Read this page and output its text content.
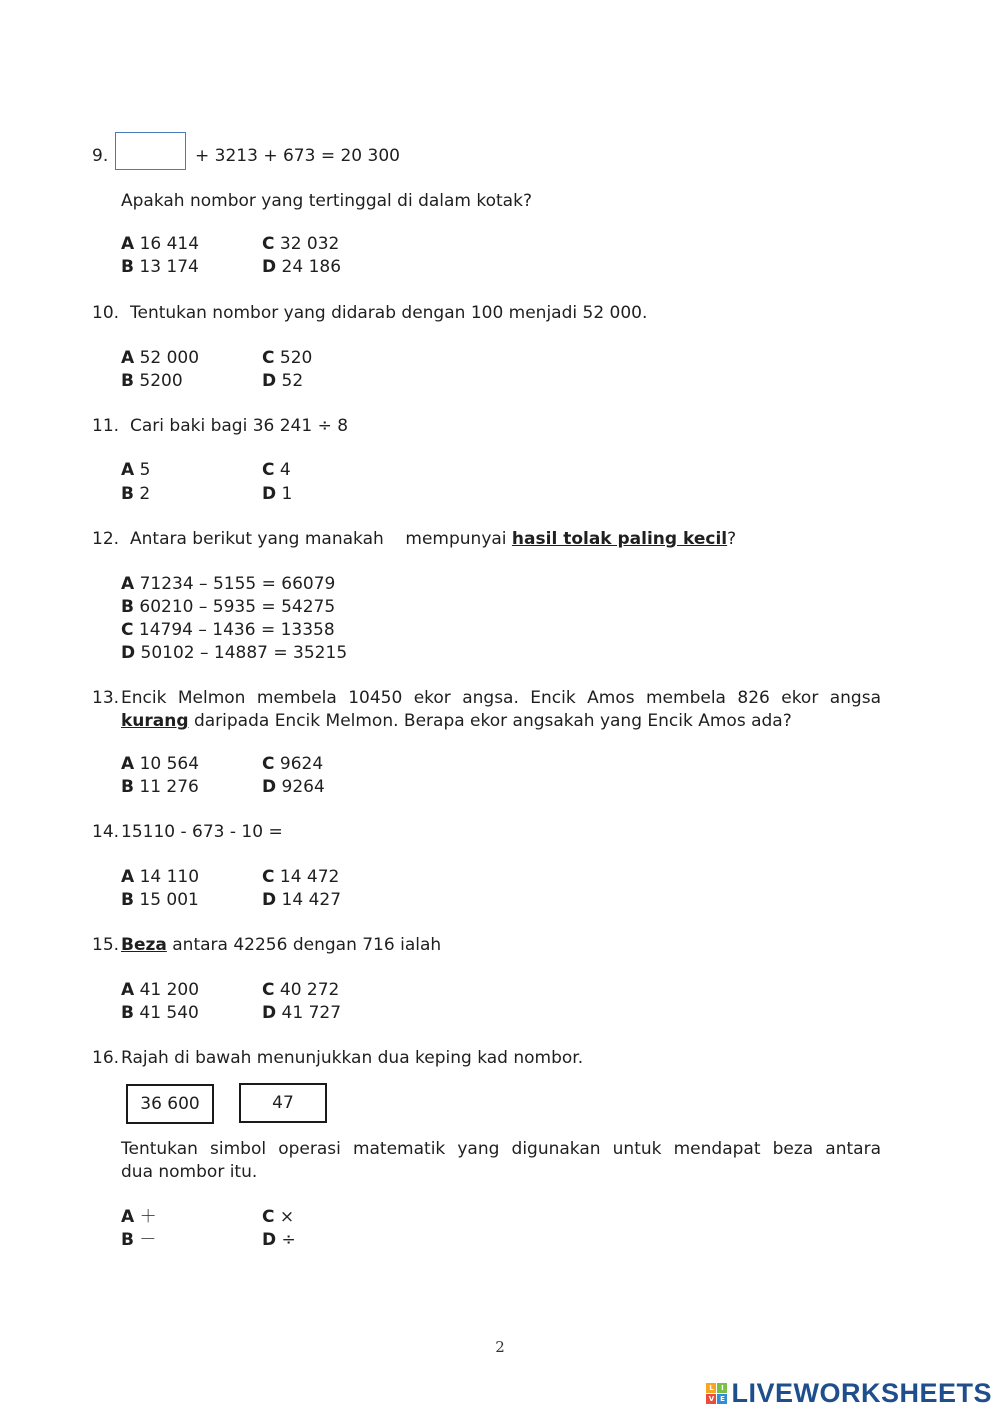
9.	+ 3213 + 673 = 20 300
Apakah nombor yang tertinggal di dalam kotak?
A 16 414	C 32 032
B 13 174	D 24 186
10. Tentukan nombor yang didarab dengan 100 menjadi 52 000.
A 52 000	C 520
B 5200	D 52
11. Cari baki bagi 36 241 ÷ 8
A 5	C 4
B 2	D 1
12. Antara berikut yang manakah    mempunyai hasil tolak paling kecil?
A 71234 – 5155 = 66079
B 60210 – 5935 = 54275
C 14794 – 1436 = 13358
D 50102 – 14887 = 35215
13. Encik Melmon membela 10450 ekor angsa. Encik Amos membela 826 ekor angsa
kurang daripada Encik Melmon. Berapa ekor angsakah yang Encik Amos ada?
A 10 564	C 9624
B 11 276	D 9264
14. 15110 - 673 - 10 =
A 14 110	C 14 472
B 15 001	D 14 427
15. Beza antara 42256 dengan 716 ialah
A 41 200	C 40 272
B 41 540	D 41 727
16. Rajah di bawah menunjukkan dua keping kad nombor.
36 600	47
Tentukan simbol operasi matematik yang digunakan untuk mendapat beza antara
dua nombor itu.
A ＋	C ×
B －	D ÷
2
L	I
V E LIVEWORKSHEETS
